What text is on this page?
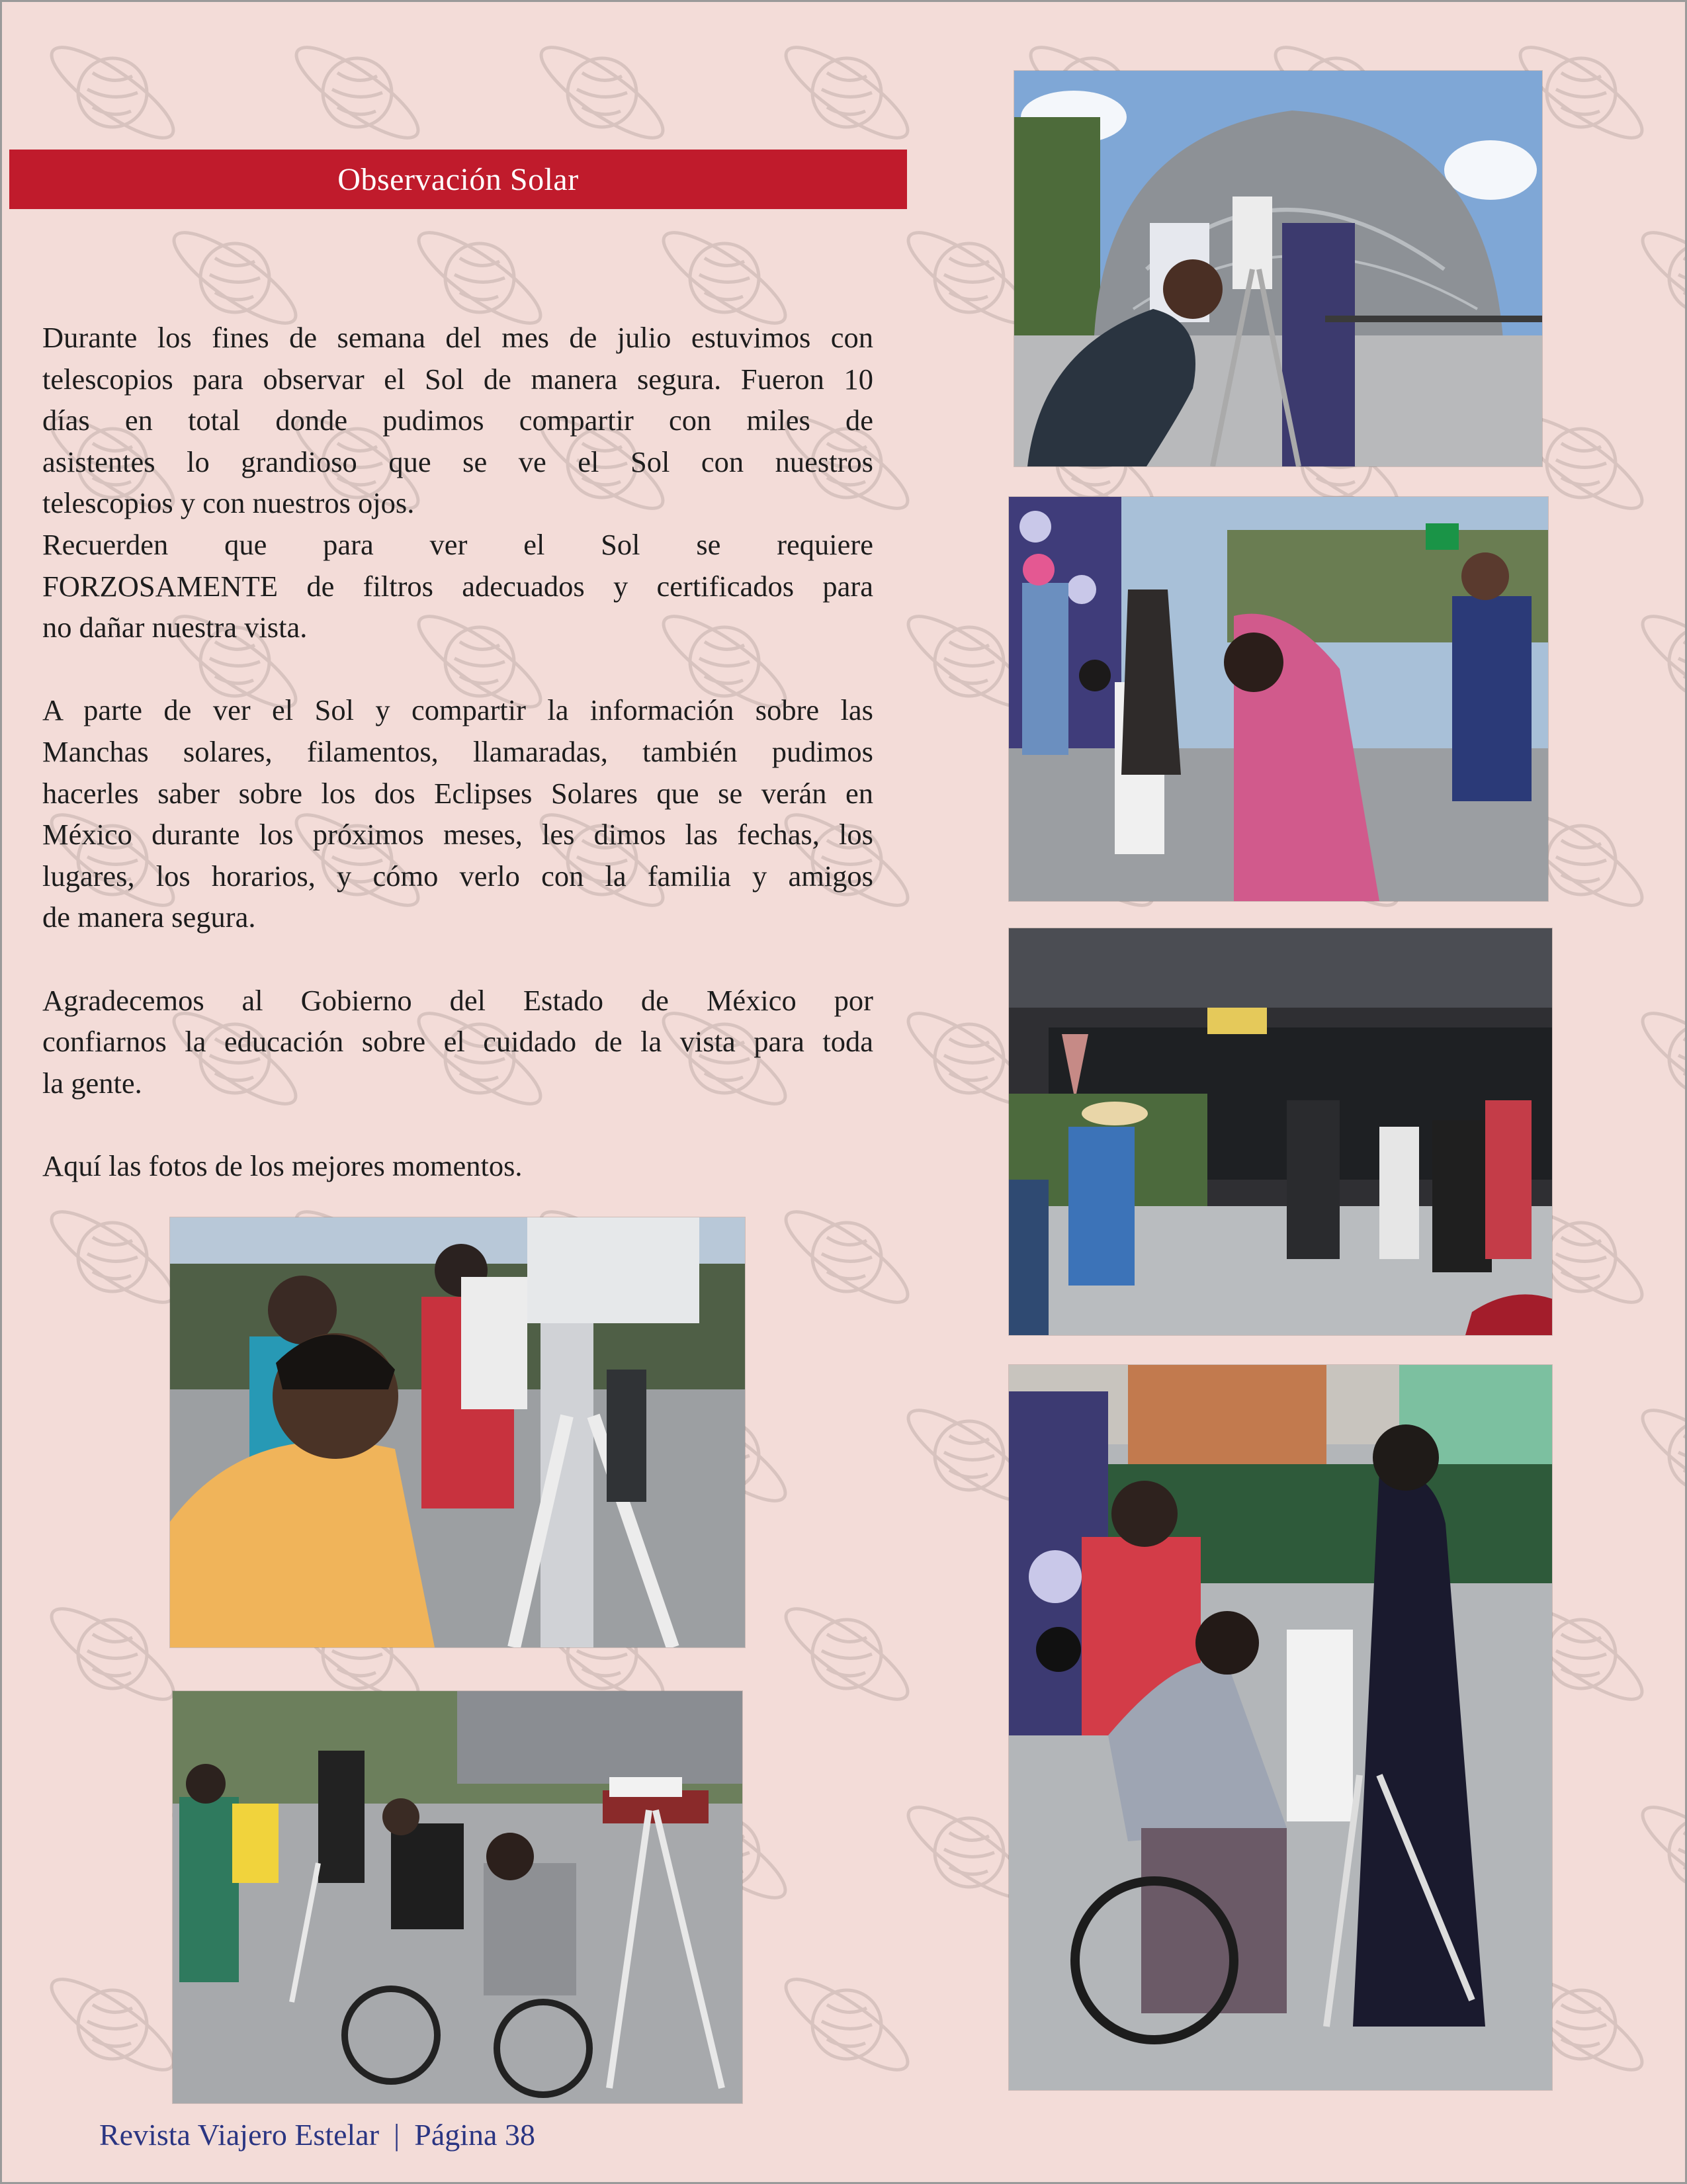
Observación Solar

Durante los fines de semana del mes de julio estuvimos con
telescopios para observar el Sol de manera segura. Fueron 10
días en total donde pudimos compartir con miles de
asistentes lo grandioso que se ve el Sol con nuestros
telescopios y con nuestros ojos.
Recuerden que para ver el Sol se requiere
FORZOSAMENTE de filtros adecuados y certificados para
no dañar nuestra vista.

A parte de ver el Sol y compartir la información sobre las
Manchas solares, filamentos, llamaradas, también pudimos
hacerles saber sobre los dos Eclipses Solares que se verán en
México durante los próximos meses, les dimos las fechas, los
lugares, los horarios, y cómo verlo con la familia y amigos
de manera segura.

Agradecemos al Gobierno del Estado de México por
confiarnos la educación sobre el cuidado de la vista para toda
la gente.

Aquí las fotos de los mejores momentos.

Revista Viajero Estelar | Página 38
